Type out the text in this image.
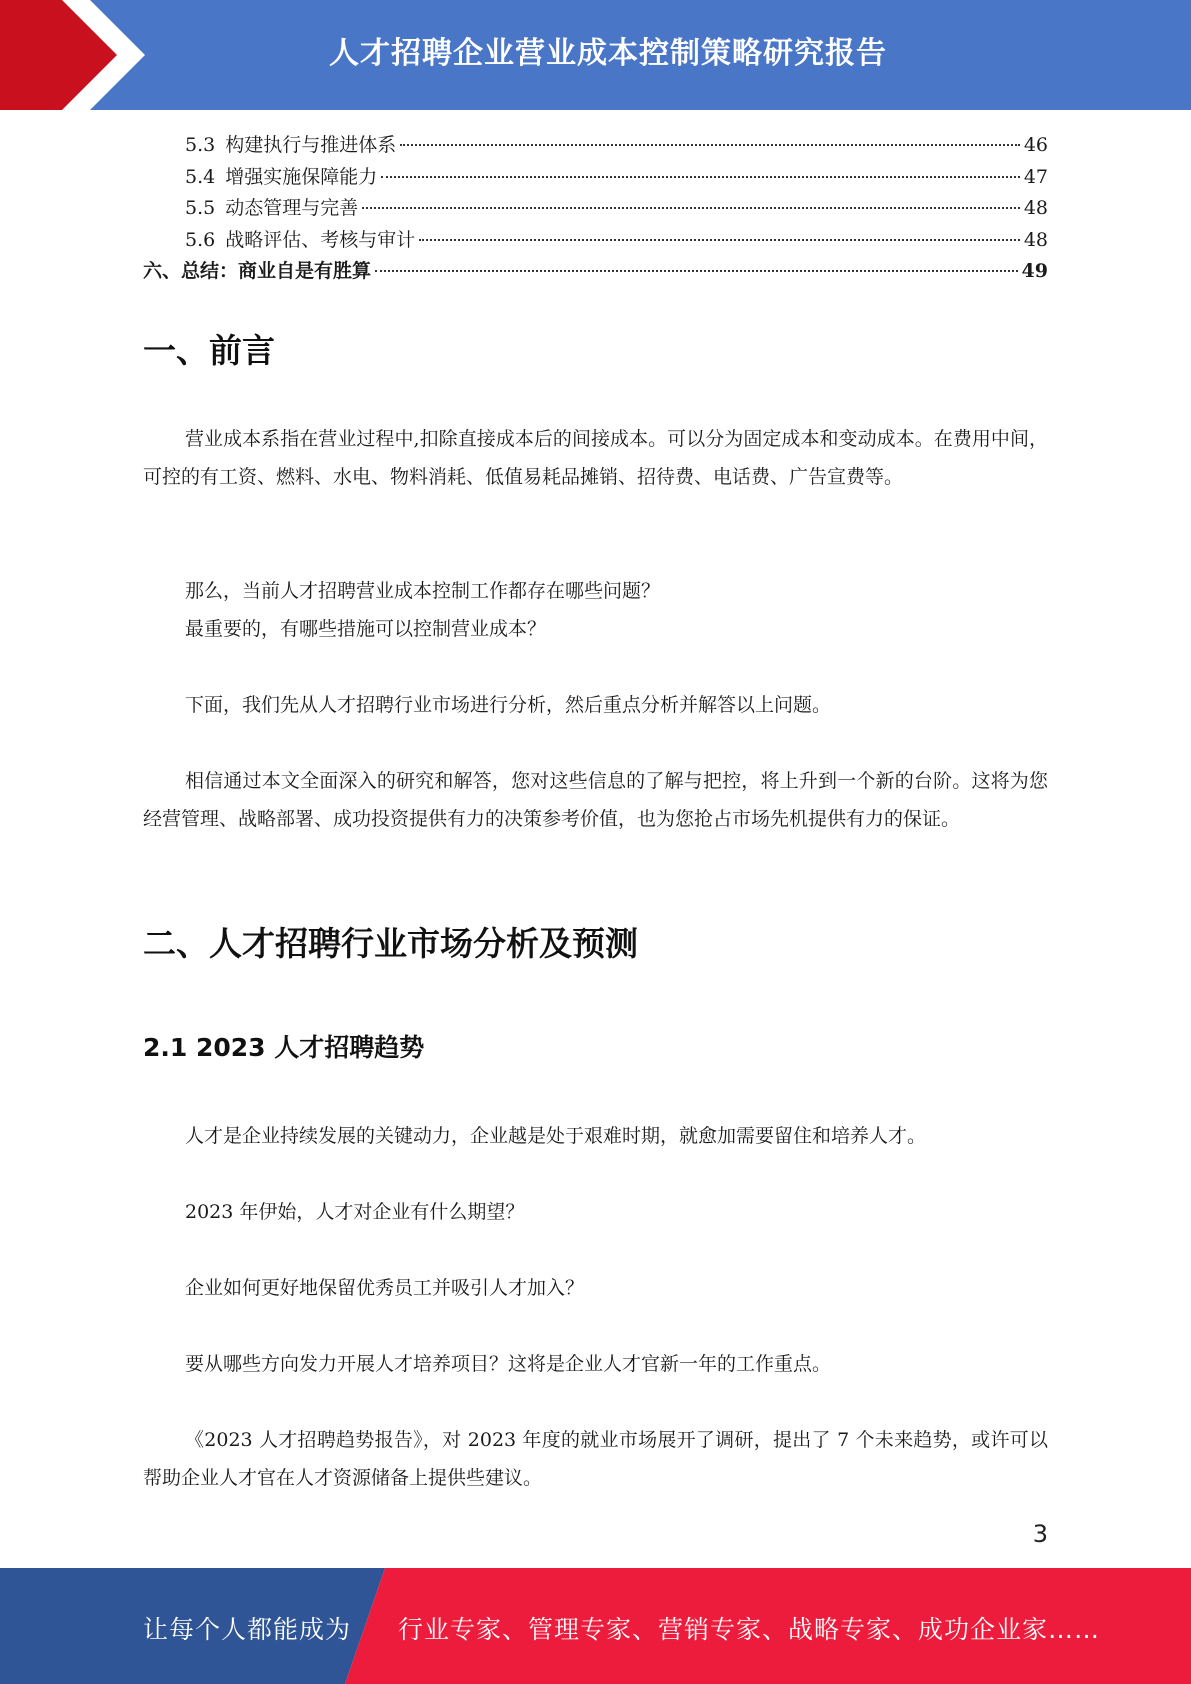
人才招聘企业营业成本控制策略研究报告
5.3 构建执行与推进体系	46
5.4 增强实施保障能力	47
5.5 动态管理与完善	48
5.6 战略评估、考核与审计	48
六、总结：商业自是有胜算	49
一、前言
营业成本系指在营业过程中,扣除直接成本后的间接成本。可以分为固定成本和变动成本。在费用中间，可控的有工资、燃料、水电、物料消耗、低值易耗品摊销、招待费、电话费、广告宣费等。
那么，当前人才招聘营业成本控制工作都存在哪些问题？
最重要的，有哪些措施可以控制营业成本？
下面，我们先从人才招聘行业市场进行分析，然后重点分析并解答以上问题。
相信通过本文全面深入的研究和解答，您对这些信息的了解与把控，将上升到一个新的台阶。这将为您经营管理、战略部署、成功投资提供有力的决策参考价值，也为您抢占市场先机提供有力的保证。
二、人才招聘行业市场分析及预测
2.1 2023 人才招聘趋势
人才是企业持续发展的关键动力，企业越是处于艰难时期，就愈加需要留住和培养人才。
2023 年伊始，人才对企业有什么期望？
企业如何更好地保留优秀员工并吸引人才加入？
要从哪些方向发力开展人才培养项目？这将是企业人才官新一年的工作重点。
《2023 人才招聘趋势报告》，对 2023 年度的就业市场展开了调研，提出了 7 个未来趋势，或许可以帮助企业人才官在人才资源储备上提供些建议。
3
让每个人都能成为 行业专家、管理专家、营销专家、战略专家、成功企业家……
